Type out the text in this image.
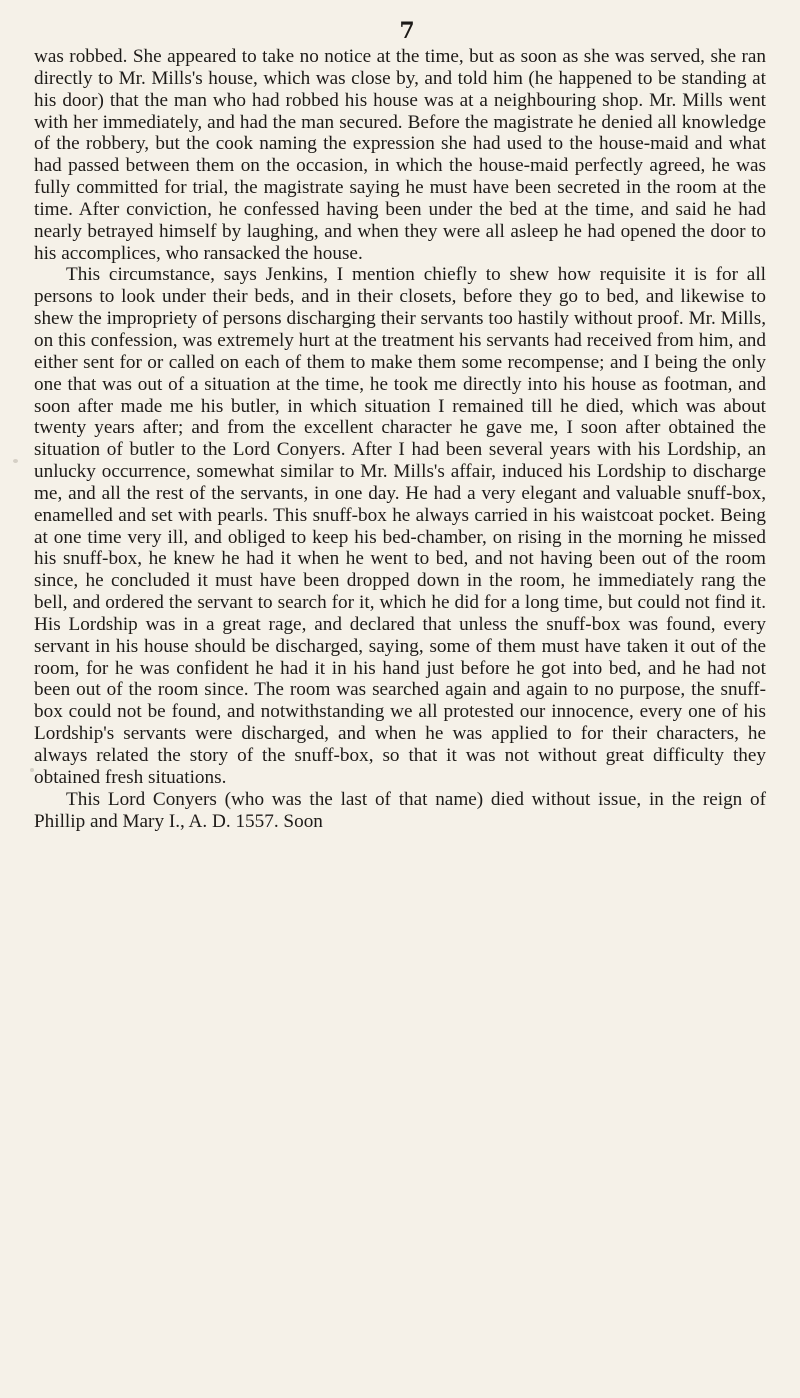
7

was robbed. She appeared to take no notice at the time, but as soon as she was served, she ran directly to Mr. Mills's house, which was close by, and told him (he happened to be standing at his door) that the man who had robbed his house was at a neighbouring shop. Mr. Mills went with her immediately, and had the man secured. Before the magistrate he denied all knowledge of the robbery, but the cook naming the expression she had used to the house-maid and what had passed between them on the occasion, in which the house-maid perfectly agreed, he was fully committed for trial, the magistrate saying he must have been secreted in the room at the time. After conviction, he confessed having been under the bed at the time, and said he had nearly betrayed himself by laughing, and when they were all asleep he had opened the door to his accomplices, who ransacked the house.

This circumstance, says Jenkins, I mention chiefly to shew how requisite it is for all persons to look under their beds, and in their closets, before they go to bed, and likewise to shew the impropriety of persons discharging their servants too hastily without proof. Mr. Mills, on this confession, was extremely hurt at the treatment his servants had received from him, and either sent for or called on each of them to make them some recompense; and I being the only one that was out of a situation at the time, he took me directly into his house as footman, and soon after made me his butler, in which situation I remained till he died, which was about twenty years after; and from the excellent character he gave me, I soon after obtained the situation of butler to the Lord Conyers. After I had been several years with his Lordship, an unlucky occurrence, somewhat similar to Mr. Mills's affair, induced his Lordship to discharge me, and all the rest of the servants, in one day. He had a very elegant and valuable snuff-box, enamelled and set with pearls. This snuff-box he always carried in his waistcoat pocket. Being at one time very ill, and obliged to keep his bed-chamber, on rising in the morning he missed his snuff-box, he knew he had it when he went to bed, and not having been out of the room since, he concluded it must have been dropped down in the room, he immediately rang the bell, and ordered the servant to search for it, which he did for a long time, but could not find it. His Lordship was in a great rage, and declared that unless the snuff-box was found, every servant in his house should be discharged, saying, some of them must have taken it out of the room, for he was confident he had it in his hand just before he got into bed, and he had not been out of the room since. The room was searched again and again to no purpose, the snuff-box could not be found, and notwithstanding we all protested our innocence, every one of his Lordship's servants were discharged, and when he was applied to for their characters, he always related the story of the snuff-box, so that it was not without great difficulty they obtained fresh situations.

This Lord Conyers (who was the last of that name) died without issue, in the reign of Phillip and Mary I., A. D. 1557. Soon
